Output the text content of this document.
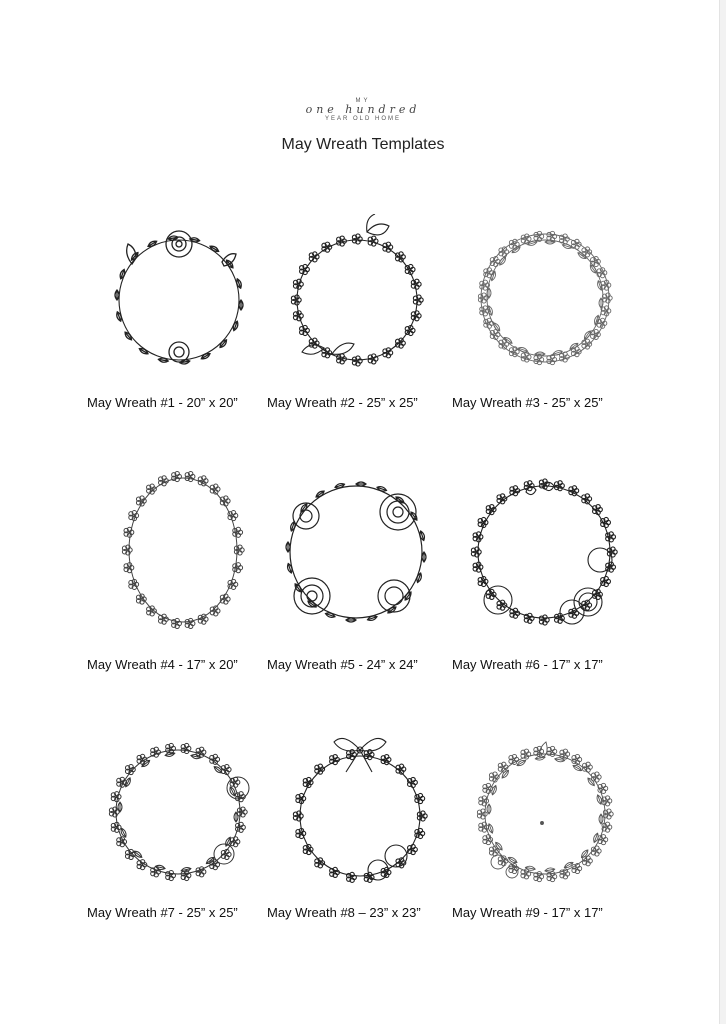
MY
one hundred
YEAR OLD HOME
May Wreath Templates
May Wreath #1 - 20” x 20” May Wreath #2 - 25” x 25”	May Wreath #3 - 25” x 25”
May Wreath #4 - 17” x 20” May Wreath #5 - 24” x 24”	May Wreath #6 - 17” x 17”
May Wreath #7 - 25” x 25” May Wreath #8 – 23” x 23” May Wreath #9 - 17” x 17”
